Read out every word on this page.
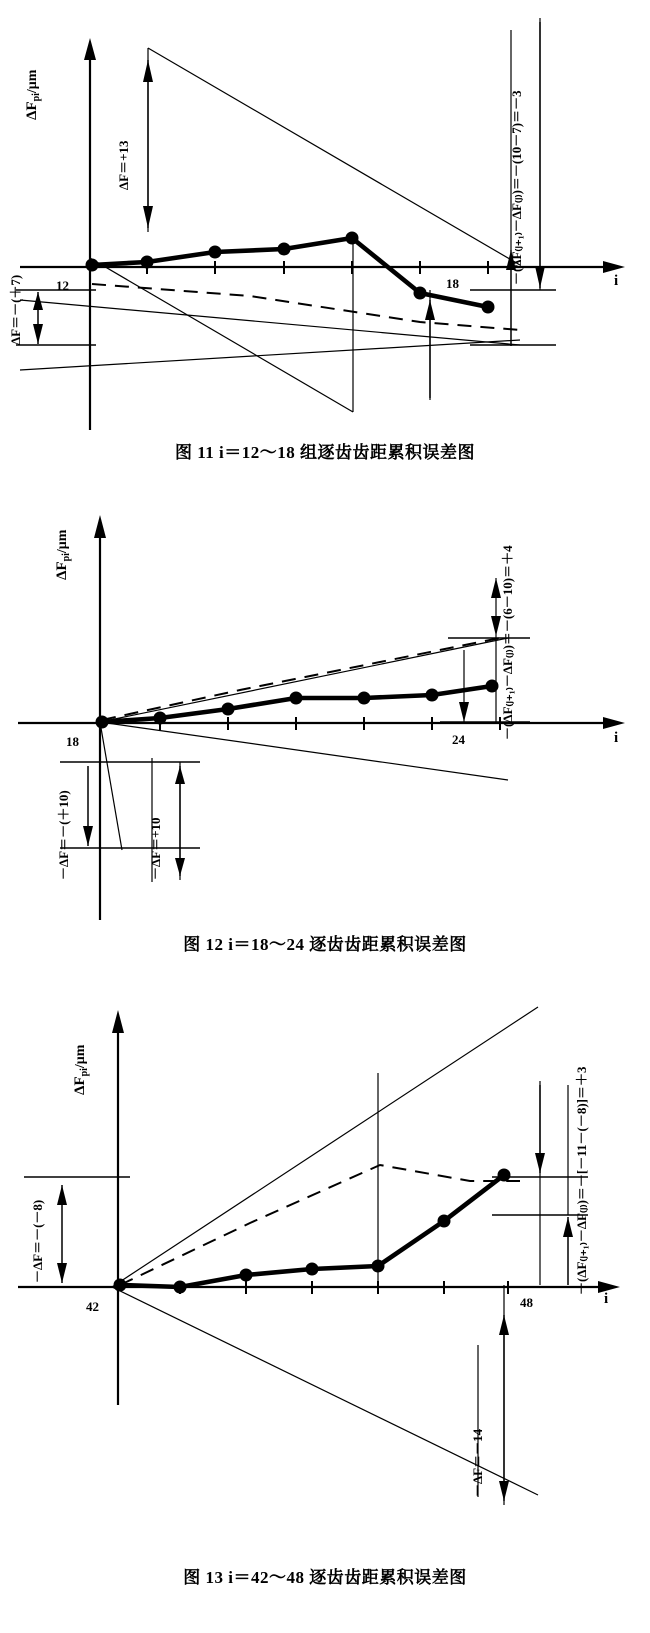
$\Delta F_{pi}/\mu m$
i
12	18
ΔF＝+13
ΔF＝－(＋7)
－(ΔF₍ⱼ₊₁₎－ΔF₍ⱼ₎)＝－(10－7)＝－3
图 11 i＝12～18 组逐齿齿距累积误差图
$\Delta F_{pi}/\mu m$
i
18	24
－ΔF＝+10
－ΔF＝－(＋10)
－(ΔF₍ⱼ₊₁₎－ΔF₍ⱼ₎)＝－(6－10)＝＋4
图 12 i＝18～24 逐齿齿距累积误差图
$\Delta F_{pi}/\mu m$
i
42	48
－ΔF＝－(－8)
－ΔF＝－14
－(ΔF₍ⱼ₊₁₎－ΔF₍ⱼ₎)＝－[－11－(－8)]＝＋3
图 13 i＝42～48 逐齿齿距累积误差图
